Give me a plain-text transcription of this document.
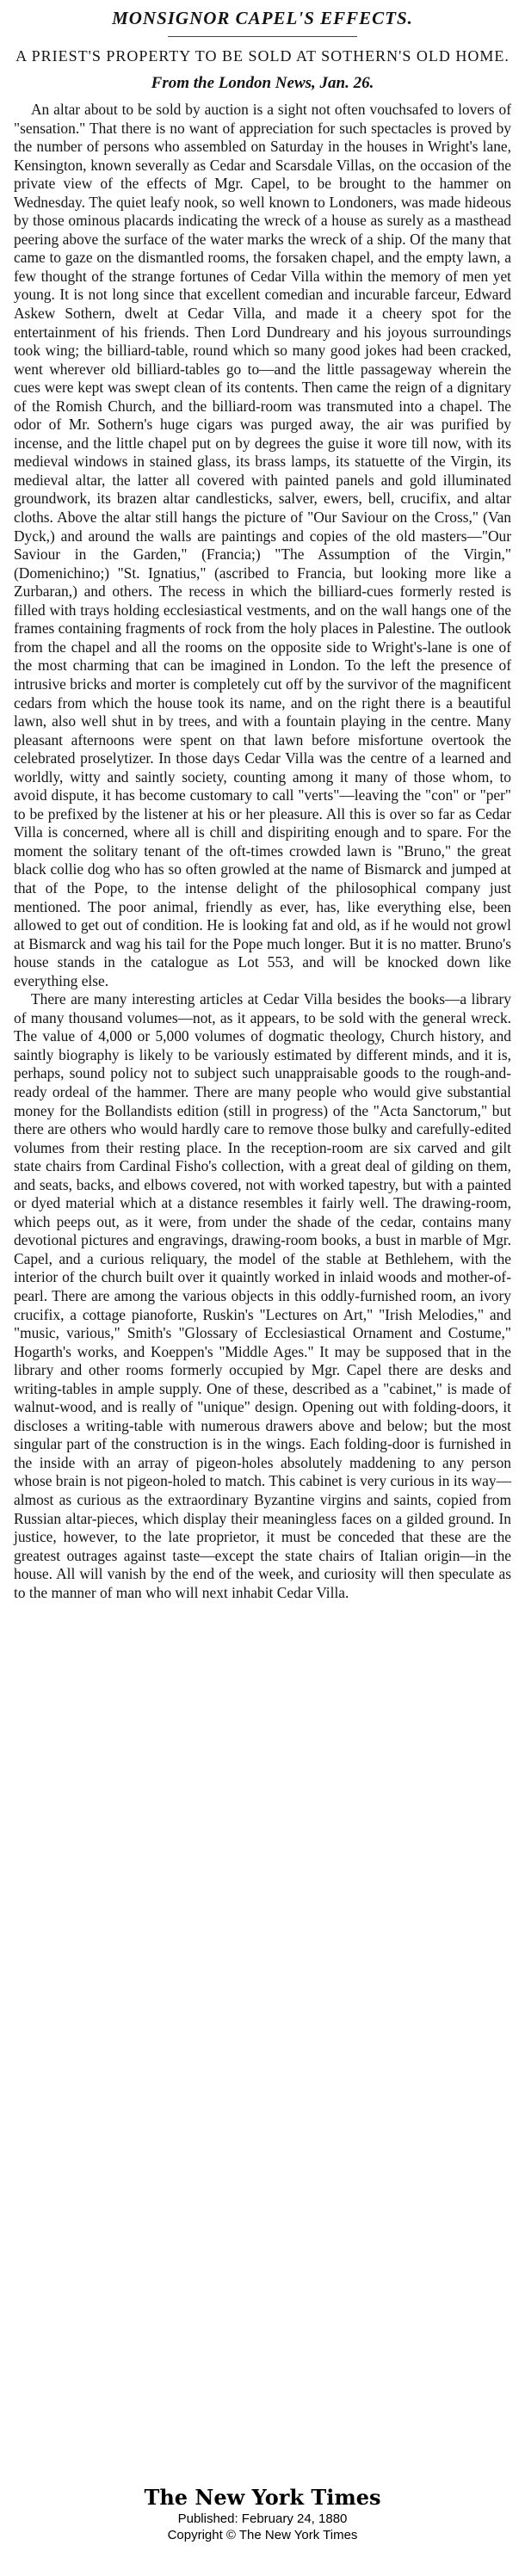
MONSIGNOR CAPEL'S EFFECTS.
A PRIEST'S PROPERTY TO BE SOLD AT SOTHERN'S OLD HOME.
From the London News, Jan. 26.

An altar about to be sold by auction is a sight not often vouchsafed to lovers of "sensation." That there is no want of appreciation for such spectacles is proved by the number of persons who assembled on Saturday in the houses in Wright's lane, Kensington, known severally as Cedar and Scarsdale Villas, on the occasion of the private view of the effects of Mgr. Capel, to be brought to the hammer on Wednesday. The quiet leafy nook, so well known to Londoners, was made hideous by those ominous placards indicating the wreck of a house as surely as a masthead peering above the surface of the water marks the wreck of a ship. Of the many that came to gaze on the dismantled rooms, the forsaken chapel, and the empty lawn, a few thought of the strange fortunes of Cedar Villa within the memory of men yet young. It is not long since that excellent comedian and incurable farceur, Edward Askew Sothern, dwelt at Cedar Villa, and made it a cheery spot for the entertainment of his friends. Then Lord Dundreary and his joyous surroundings took wing; the billiard-table, round which so many good jokes had been cracked, went wherever old billiard-tables go to—and the little passageway wherein the cues were kept was swept clean of its contents. Then came the reign of a dignitary of the Romish Church, and the billiard-room was transmuted into a chapel. The odor of Mr. Sothern's huge cigars was purged away, the air was purified by incense, and the little chapel put on by degrees the guise it wore till now, with its medieval windows in stained glass, its brass lamps, its statuette of the Virgin, its medieval altar, the latter all covered with painted panels and gold illuminated groundwork, its brazen altar candlesticks, salver, ewers, bell, crucifix, and altar cloths. Above the altar still hangs the picture of "Our Saviour on the Cross," (Van Dyck,) and around the walls are paintings and copies of the old masters—"Our Saviour in the Garden," (Francia;) "The Assumption of the Virgin," (Domenichino;) "St. Ignatius," (ascribed to Francia, but looking more like a Zurbaran,) and others. The recess in which the billiard-cues formerly rested is filled with trays holding ecclesiastical vestments, and on the wall hangs one of the frames containing fragments of rock from the holy places in Palestine. The outlook from the chapel and all the rooms on the opposite side to Wright's-lane is one of the most charming that can be imagined in London. To the left the presence of intrusive bricks and morter is completely cut off by the survivor of the magnificent cedars from which the house took its name, and on the right there is a beautiful lawn, also well shut in by trees, and with a fountain playing in the centre. Many pleasant afternoons were spent on that lawn before misfortune overtook the celebrated proselytizer. In those days Cedar Villa was the centre of a learned and worldly, witty and saintly society, counting among it many of those whom, to avoid dispute, it has become customary to call "verts"—leaving the "con" or "per" to be prefixed by the listener at his or her pleasure. All this is over so far as Cedar Villa is concerned, where all is chill and dispiriting enough and to spare. For the moment the solitary tenant of the oft-times crowded lawn is "Bruno," the great black collie dog who has so often growled at the name of Bismarck and jumped at that of the Pope, to the intense delight of the philosophical company just mentioned. The poor animal, friendly as ever, has, like everything else, been allowed to get out of condition. He is looking fat and old, as if he would not growl at Bismarck and wag his tail for the Pope much longer. But it is no matter. Bruno's house stands in the catalogue as Lot 553, and will be knocked down like everything else.

There are many interesting articles at Cedar Villa besides the books—a library of many thousand volumes—not, as it appears, to be sold with the general wreck. The value of 4,000 or 5,000 volumes of dogmatic theology, Church history, and saintly biography is likely to be variously estimated by different minds, and it is, perhaps, sound policy not to subject such unappraisable goods to the rough-and-ready ordeal of the hammer. There are many people who would give substantial money for the Bollandists edition (still in progress) of the "Acta Sanctorum," but there are others who would hardly care to remove those bulky and carefully-edited volumes from their resting place. In the reception-room are six carved and gilt state chairs from Cardinal Fisho's collection, with a great deal of gilding on them, and seats, backs, and elbows covered, not with worked tapestry, but with a painted or dyed material which at a distance resembles it fairly well. The drawing-room, which peeps out, as it were, from under the shade of the cedar, contains many devotional pictures and engravings, drawing-room books, a bust in marble of Mgr. Capel, and a curious reliquary, the model of the stable at Bethlehem, with the interior of the church built over it quaintly worked in inlaid woods and mother-of-pearl. There are among the various objects in this oddly-furnished room, an ivory crucifix, a cottage pianoforte, Ruskin's "Lectures on Art," "Irish Melodies," and "music, various," Smith's "Glossary of Ecclesiastical Ornament and Costume," Hogarth's works, and Koeppen's "Middle Ages." It may be supposed that in the library and other rooms formerly occupied by Mgr. Capel there are desks and writing-tables in ample supply. One of these, described as a "cabinet," is made of walnut-wood, and is really of "unique" design. Opening out with folding-doors, it discloses a writing-table with numerous drawers above and below; but the most singular part of the construction is in the wings. Each folding-door is furnished in the inside with an array of pigeon-holes absolutely maddening to any person whose brain is not pigeon-holed to match. This cabinet is very curious in its way—almost as curious as the extraordinary Byzantine virgins and saints, copied from Russian altar-pieces, which display their meaningless faces on a gilded ground. In justice, however, to the late proprietor, it must be conceded that these are the greatest outrages against taste—except the state chairs of Italian origin—in the house. All will vanish by the end of the week, and curiosity will then speculate as to the manner of man who will next inhabit Cedar Villa.

The New York Times
Published: February 24, 1880
Copyright © The New York Times
